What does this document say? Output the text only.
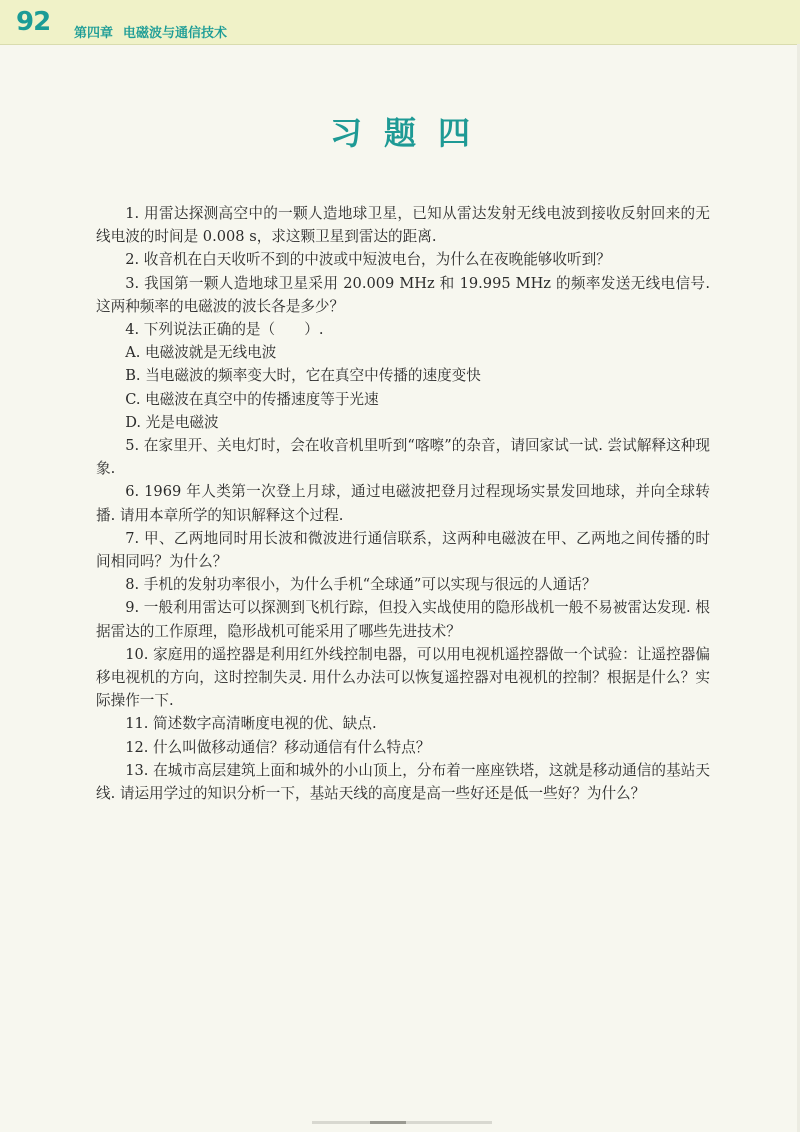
92 第四章 电磁波与通信技术
习题四

1. 用雷达探测高空中的一颗人造地球卫星，已知从雷达发射无线电波到接收反射回来的无线电波的时间是 0.008 s，求这颗卫星到雷达的距离.

2. 收音机在白天收听不到的中波或中短波电台，为什么在夜晚能够收听到？

3. 我国第一颗人造地球卫星采用 20.009 MHz 和 19.995 MHz 的频率发送无线电信号. 这两种频率的电磁波的波长各是多少？

4. 下列说法正确的是（　　）.

A. 电磁波就是无线电波

B. 当电磁波的频率变大时，它在真空中传播的速度变快

C. 电磁波在真空中的传播速度等于光速

D. 光是电磁波

5. 在家里开、关电灯时，会在收音机里听到“喀嚓”的杂音，请回家试一试. 尝试解释这种现象.

6. 1969 年人类第一次登上月球，通过电磁波把登月过程现场实景发回地球，并向全球转播. 请用本章所学的知识解释这个过程.

7. 甲、乙两地同时用长波和微波进行通信联系，这两种电磁波在甲、乙两地之间传播的时间相同吗？为什么？

8. 手机的发射功率很小，为什么手机“全球通”可以实现与很远的人通话？

9. 一般利用雷达可以探测到飞机行踪，但投入实战使用的隐形战机一般不易被雷达发现. 根据雷达的工作原理，隐形战机可能采用了哪些先进技术？

10. 家庭用的遥控器是利用红外线控制电器，可以用电视机遥控器做一个试验：让遥控器偏移电视机的方向，这时控制失灵. 用什么办法可以恢复遥控器对电视机的控制？根据是什么？实际操作一下.

11. 简述数字高清晰度电视的优、缺点.

12. 什么叫做移动通信？移动通信有什么特点？

13. 在城市高层建筑上面和城外的小山顶上，分布着一座座铁塔，这就是移动通信的基站天线. 请运用学过的知识分析一下，基站天线的高度是高一些好还是低一些好？为什么？
